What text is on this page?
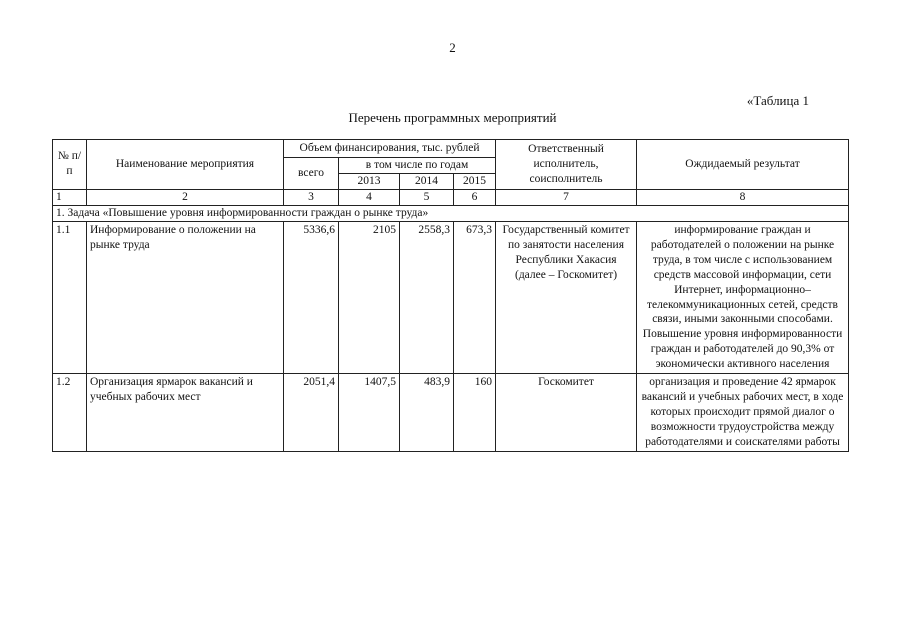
2
«Таблица 1
Перечень программных мероприятий
№ п/п	Наименование мероприятия	Объем финансирования, тыс. рублей				Ответственный исполнитель, соисполнитель	Ождидаемый результат
		всего	в том числе по годам				
			2013	2014	2015		
1	2	3	4	5	6	7	8
1. Задача «Повышение уровня информированности граждан о рынке труда»							
1.1	Информирование о положении на рынке труда	5336,6	2105	2558,3	673,3	Государственный комитет по занятости населения Республики Хакасия (далее – Госкомитет)	информирование граждан и работодателей о положении на рынке труда, в том числе с использованием средств массовой информации, сети Интернет, информационно–телекоммуникационных сетей, средств связи, иными законными способами. Повышение уровня информированности граждан и работодателей до 90,3% от экономически активного населения
1.2	Организация ярмарок вакансий и учебных рабочих мест	2051,4	1407,5	483,9	160	Госкомитет	организация и проведение 42 ярмарок вакансий и учебных рабочих мест, в ходе которых происходит прямой диалог о возможности трудоустройства между работодателями и соискателями работы
